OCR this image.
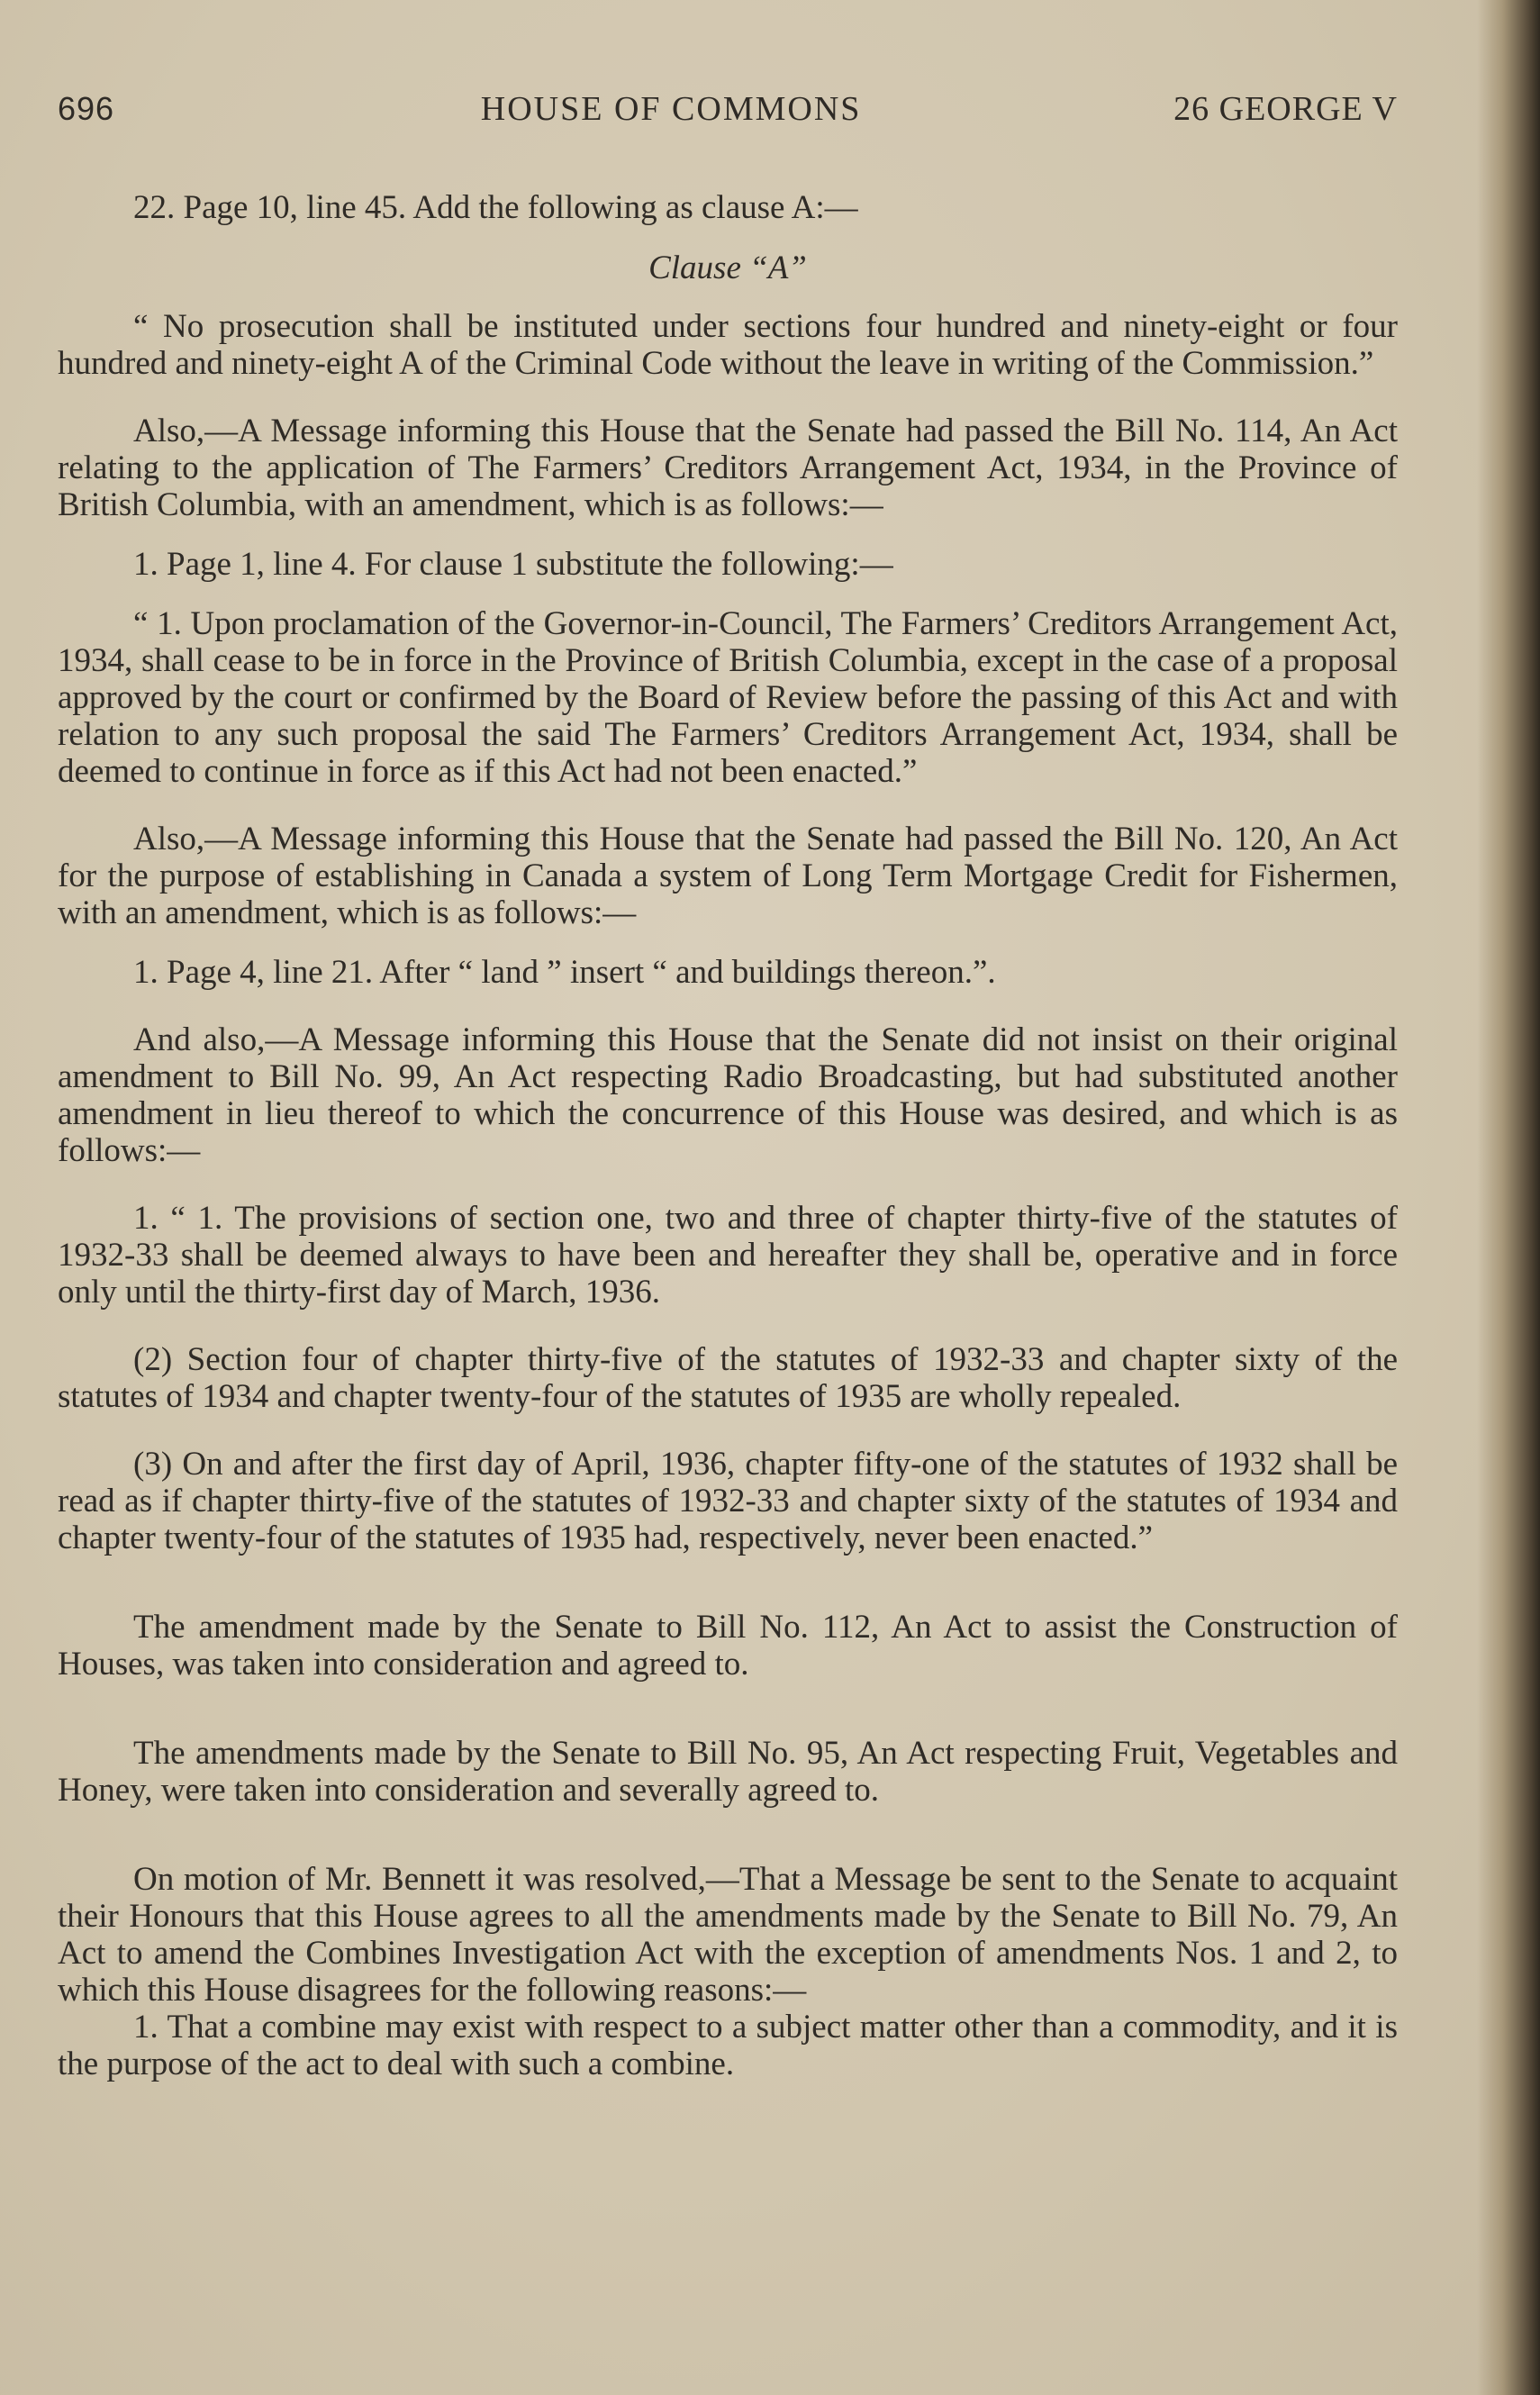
696	HOUSE OF COMMONS	26 GEORGE V

22. Page 10, line 45. Add the following as clause A:—

Clause “A”

“ No prosecution shall be instituted under sections four hundred and ninety-eight or four hundred and ninety-eight A of the Criminal Code without the leave in writing of the Commission.”

Also,—A Message informing this House that the Senate had passed the Bill No. 114, An Act relating to the application of The Farmers’ Creditors Arrangement Act, 1934, in the Province of British Columbia, with an amendment, which is as follows:—

1. Page 1, line 4. For clause 1 substitute the following:—

“ 1. Upon proclamation of the Governor-in-Council, The Farmers’ Creditors Arrangement Act, 1934, shall cease to be in force in the Province of British Columbia, except in the case of a proposal approved by the court or confirmed by the Board of Review before the passing of this Act and with relation to any such proposal the said The Farmers’ Creditors Arrangement Act, 1934, shall be deemed to continue in force as if this Act had not been enacted.”

Also,—A Message informing this House that the Senate had passed the Bill No. 120, An Act for the purpose of establishing in Canada a system of Long Term Mortgage Credit for Fishermen, with an amendment, which is as follows:—

1. Page 4, line 21. After “ land ” insert “ and buildings thereon.”.

And also,—A Message informing this House that the Senate did not insist on their original amendment to Bill No. 99, An Act respecting Radio Broadcasting, but had substituted another amendment in lieu thereof to which the concurrence of this House was desired, and which is as follows:—

1. “ 1. The provisions of section one, two and three of chapter thirty-five of the statutes of 1932-33 shall be deemed always to have been and hereafter they shall be, operative and in force only until the thirty-first day of March, 1936.

(2) Section four of chapter thirty-five of the statutes of 1932-33 and chapter sixty of the statutes of 1934 and chapter twenty-four of the statutes of 1935 are wholly repealed.

(3) On and after the first day of April, 1936, chapter fifty-one of the statutes of 1932 shall be read as if chapter thirty-five of the statutes of 1932-33 and chapter sixty of the statutes of 1934 and chapter twenty-four of the statutes of 1935 had, respectively, never been enacted.”

The amendment made by the Senate to Bill No. 112, An Act to assist the Construction of Houses, was taken into consideration and agreed to.

The amendments made by the Senate to Bill No. 95, An Act respecting Fruit, Vegetables and Honey, were taken into consideration and severally agreed to.

On motion of Mr. Bennett it was resolved,—That a Message be sent to the Senate to acquaint their Honours that this House agrees to all the amendments made by the Senate to Bill No. 79, An Act to amend the Combines Investigation Act with the exception of amendments Nos. 1 and 2, to which this House disagrees for the following reasons:—

1. That a combine may exist with respect to a subject matter other than a commodity, and it is the purpose of the act to deal with such a combine.
